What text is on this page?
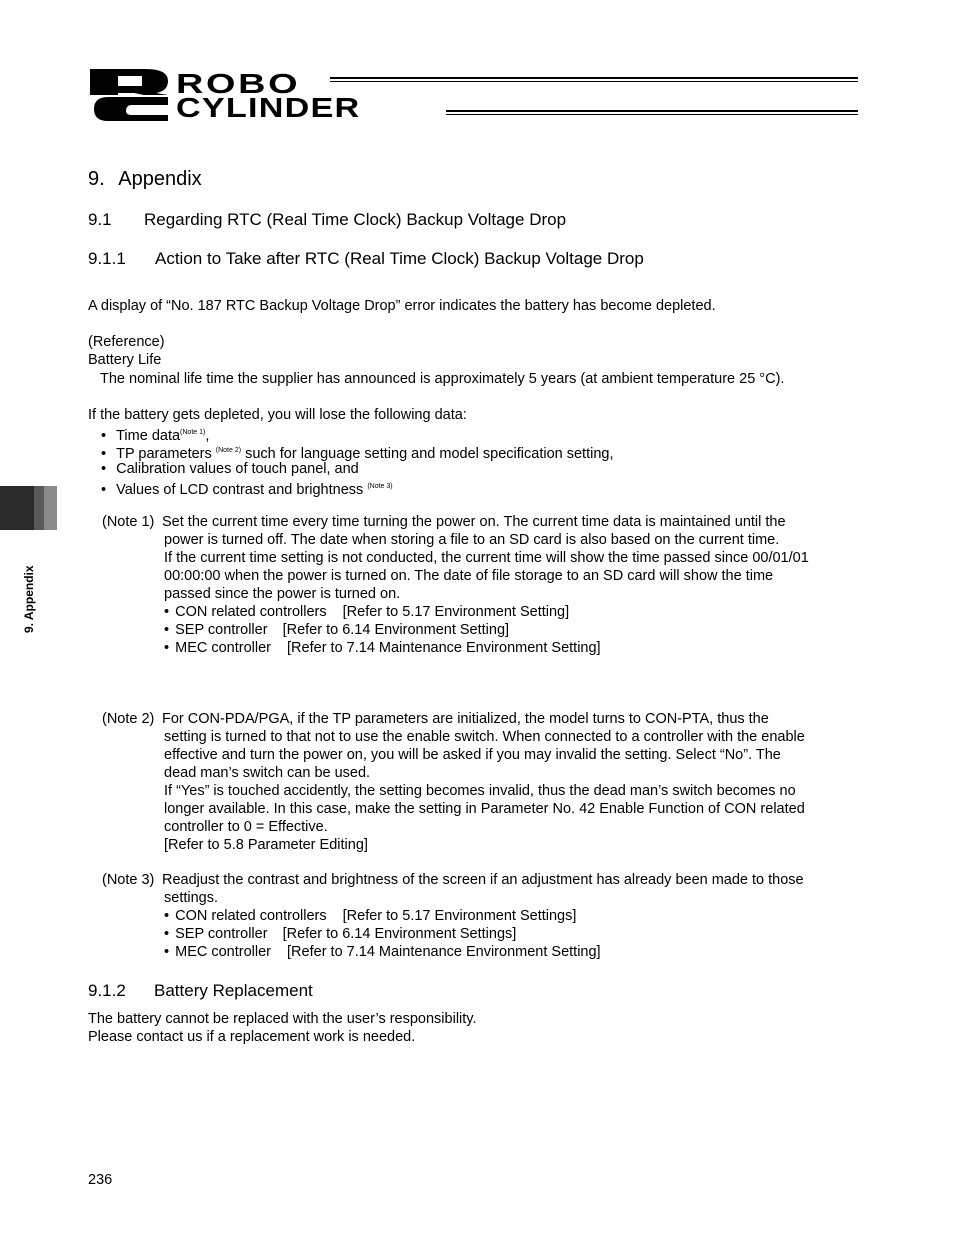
ROBO
CYLINDER
9. Appendix
9. Appendix
9.1 Regarding RTC (Real Time Clock) Backup Voltage Drop
9.1.1 Action to Take after RTC (Real Time Clock) Backup Voltage Drop
A display of “No. 187 RTC Backup Voltage Drop” error indicates the battery has become depleted.
(Reference)
Battery Life
The nominal life time the supplier has announced is approximately 5 years (at ambient temperature 25 °C).
If the battery gets depleted, you will lose the following data:
• Time data$^{(Note 1)}$,
• TP parameters $^{(Note 2)}$ such for language setting and model specification setting,
• Calibration values of touch panel, and
• Values of LCD contrast and brightness $^{(Note 3)}$
(Note 1) Set the current time every time turning the power on. The current time data is maintained until the
power is turned off. The date when storing a file to an SD card is also based on the current time.
If the current time setting is not conducted, the current time will show the time passed since 00/01/01
00:00:00 when the power is turned on. The date of file storage to an SD card will show the time
passed since the power is turned on.
• CON related controllers [Refer to 5.17 Environment Setting]
• SEP controller [Refer to 6.14 Environment Setting]
• MEC controller [Refer to 7.14 Maintenance Environment Setting]
(Note 2) For CON-PDA/PGA, if the TP parameters are initialized, the model turns to CON-PTA, thus the
setting is turned to that not to use the enable switch. When connected to a controller with the enable
effective and turn the power on, you will be asked if you may invalid the setting. Select “No”. The
dead man’s switch can be used.
If “Yes” is touched accidently, the setting becomes invalid, thus the dead man’s switch becomes no
longer available. In this case, make the setting in Parameter No. 42 Enable Function of CON related
controller to 0 = Effective.
[Refer to 5.8 Parameter Editing]
(Note 3) Readjust the contrast and brightness of the screen if an adjustment has already been made to those
settings.
• CON related controllers [Refer to 5.17 Environment Settings]
• SEP controller [Refer to 6.14 Environment Settings]
• MEC controller [Refer to 7.14 Maintenance Environment Setting]
9.1.2 Battery Replacement
The battery cannot be replaced with the user’s responsibility.
Please contact us if a replacement work is needed.
236
